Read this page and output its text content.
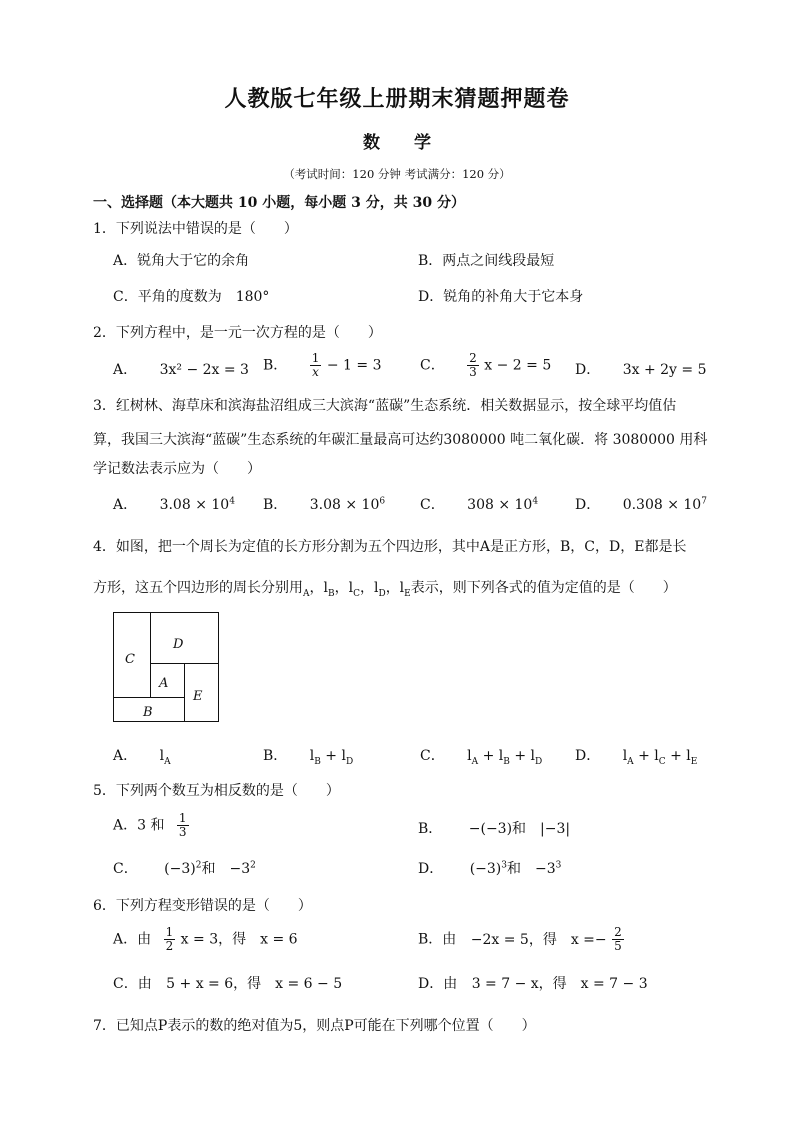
人教版七年级上册期末猜题押题卷
数 学
（考试时间：120 分钟 考试满分：120 分）
一、选择题（本大题共 10 小题，每小题 3 分，共 30 分）
1．下列说法中错误的是（　　）
A．锐角大于它的余角	B．两点之间线段最短
C．平角的度数为　180°	D．锐角的补角大于它本身
2．下列方程中，是一元一次方程的是（　　）
A． 3x² − 2x = 3 B． $\frac{1}{x} - 1 = 3$	C． $\frac{2}{3}$ x − 2 = 5 D． 3x + 2y = 5
3．红树林、海草床和滨海盐沼组成三大滨海“蓝碳”生态系统．相关数据显示，按全球平均值估
算，我国三大滨海“蓝碳”生态系统的年碳汇量最高可达约3080000 吨二氧化碳．将 3080000 用科
学记数法表示应为（　　）
A． $3.08 \times 10^4$ B． $3.08 \times 10^6$ C． $308 \times 10^4$	D． $0.308 \times 10^7$
4．如图，把一个周长为定值的长方形分割为五个四边形，其中A是正方形，B，C，D，E都是长
方形，这五个四边形的周长分别用$_A$，$l_B$，$l_C$，$l_D$，$l_E$表示，则下列各式的值为定值的是（　　）
C
D
A
E
B
A． $l_A$	B． $l_B + l_D$	C． $l_A + l_B + l_D$ D． $l_A + l_C + l_E$
5．下列两个数互为相反数的是（　　）
A．3 和 $\frac{1}{3}$	B． −(−3)和　|−3|
C． $(-3)^2$和　$-3^2$	D． $(-3)^3$和　$-3^3$
6．下列方程变形错误的是（　　）
A．由 $\frac{1}{2}$ x = 3，得　x = 6	B．由 −2x = 5，得　$x =- \frac{2}{5}$
C．由 5 + x = 6，得　x = 6 − 5	D．由 3 = 7 − x，得　x = 7 − 3
7．已知点P表示的数的绝对值为5，则点P可能在下列哪个位置（　　）
